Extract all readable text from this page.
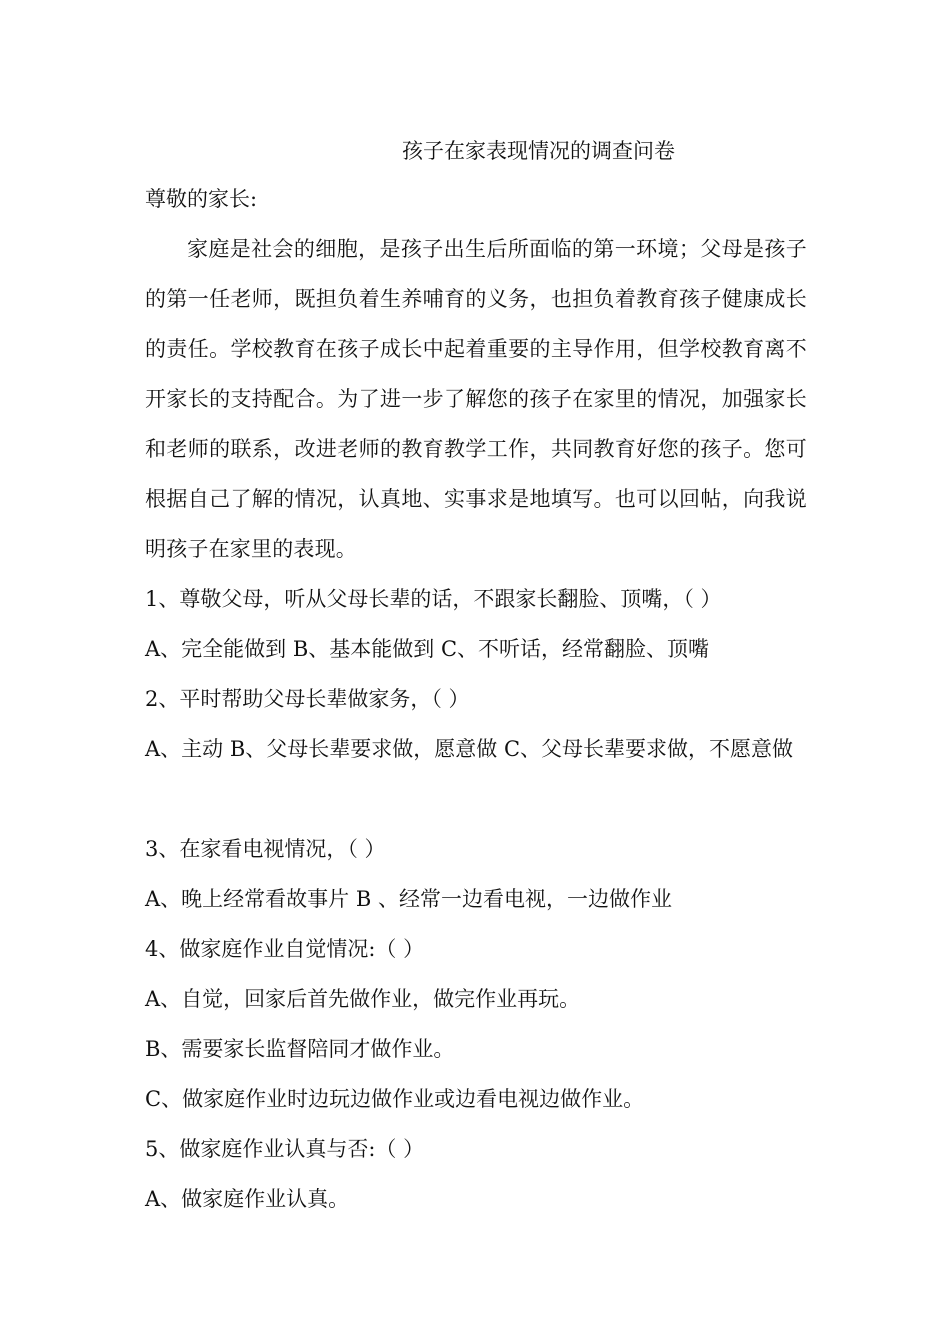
孩子在家表现情况的调查问卷
尊敬的家长:
家庭是社会的细胞，是孩子出生后所面临的第一环境；父母是孩子的第一任老师，既担负着生养哺育的义务，也担负着教育孩子健康成长的责任。学校教育在孩子成长中起着重要的主导作用，但学校教育离不开家长的支持配合。为了进一步了解您的孩子在家里的情况，加强家长和老师的联系，改进老师的教育教学工作，共同教育好您的孩子。您可根据自己了解的情况，认真地、实事求是地填写。也可以回帖，向我说明孩子在家里的表现。
1、尊敬父母，听从父母长辈的话，不跟家长翻脸、顶嘴，（ ）
A、完全能做到 B、基本能做到 C、不听话，经常翻脸、顶嘴
2、平时帮助父母长辈做家务，（ ）
A、主动 B、父母长辈要求做，愿意做 C、父母长辈要求做，不愿意做
3、在家看电视情况，（ ）
A、晚上经常看故事片 B 、经常一边看电视，一边做作业
4、做家庭作业自觉情况:（ ）
A、自觉，回家后首先做作业，做完作业再玩。
B、需要家长监督陪同才做作业。
C、做家庭作业时边玩边做作业或边看电视边做作业。
5、做家庭作业认真与否:（ ）
A、做家庭作业认真。
